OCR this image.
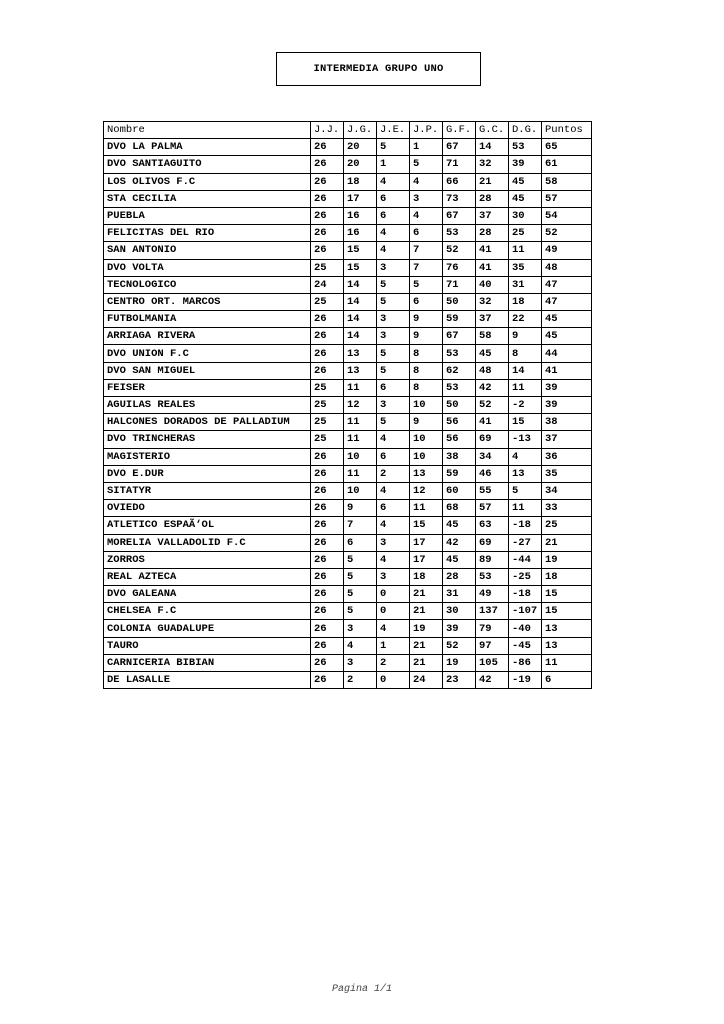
INTERMEDIA GRUPO UNO
Nombre	J.J.	J.G.	J.E.	J.P.	G.F.	G.C.	D.G.	Puntos
DVO LA PALMA	26	20	5	1	67	14	53	65
DVO SANTIAGUITO	26	20	1	5	71	32	39	61
LOS OLIVOS F.C	26	18	4	4	66	21	45	58
STA CECILIA	26	17	6	3	73	28	45	57
PUEBLA	26	16	6	4	67	37	30	54
FELICITAS DEL RIO	26	16	4	6	53	28	25	52
SAN ANTONIO	26	15	4	7	52	41	11	49
DVO VOLTA	25	15	3	7	76	41	35	48
TECNOLOGICO	24	14	5	5	71	40	31	47
CENTRO ORT. MARCOS	25	14	5	6	50	32	18	47
FUTBOLMANIA	26	14	3	9	59	37	22	45
ARRIAGA RIVERA	26	14	3	9	67	58	9	45
DVO UNION F.C	26	13	5	8	53	45	8	44
DVO SAN MIGUEL	26	13	5	8	62	48	14	41
FEISER	25	11	6	8	53	42	11	39
AGUILAS REALES	25	12	3	10	50	52	-2	39
HALCONES DORADOS DE PALLADIUM	25	11	5	9	56	41	15	38
DVO TRINCHERAS	25	11	4	10	56	69	-13	37
MAGISTERIO	26	10	6	10	38	34	4	36
DVO E.DUR	26	11	2	13	59	46	13	35
SITATYR	26	10	4	12	60	55	5	34
OVIEDO	26	9	6	11	68	57	11	33
ATLETICO ESPAÃ‘OL	26	7	4	15	45	63	-18	25
MORELIA VALLADOLID F.C	26	6	3	17	42	69	-27	21
ZORROS	26	5	4	17	45	89	-44	19
REAL AZTECA	26	5	3	18	28	53	-25	18
DVO GALEANA	26	5	0	21	31	49	-18	15
CHELSEA F.C	26	5	0	21	30	137	-107	15
COLONIA GUADALUPE	26	3	4	19	39	79	-40	13
TAURO	26	4	1	21	52	97	-45	13
CARNICERIA BIBIAN	26	3	2	21	19	105	-86	11
DE LASALLE	26	2	0	24	23	42	-19	6
Pagina 1/1
